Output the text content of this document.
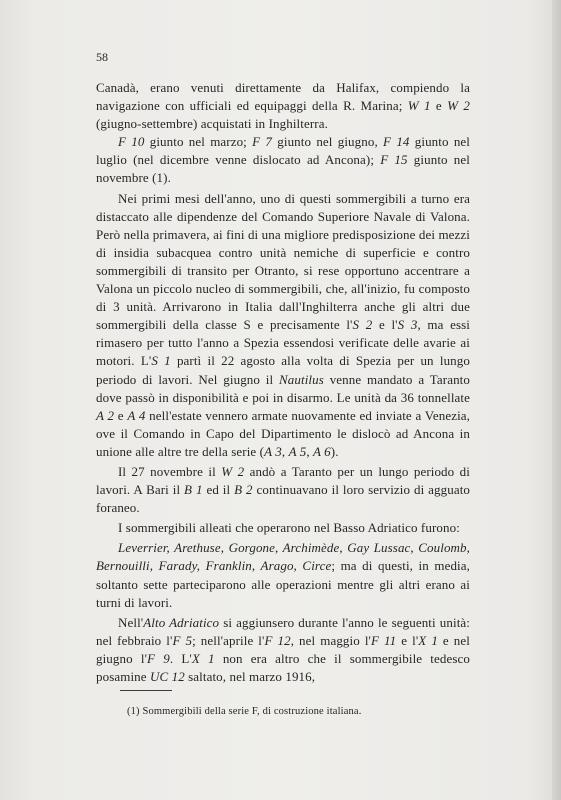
58

Canadà, erano venuti direttamente da Halifax, compiendo la navigazione con ufficiali ed equipaggi della R. Marina; W 1 e W 2 (giugno-settembre) acquistati in Inghilterra.

F 10 giunto nel marzo; F 7 giunto nel giugno, F 14 giunto nel luglio (nel dicembre venne dislocato ad Ancona); F 15 giunto nel novembre (1).

Nei primi mesi dell'anno, uno di questi sommergibili a turno era distaccato alle dipendenze del Comando Superiore Navale di Valona. Però nella primavera, ai fini di una migliore predisposizione dei mezzi di insidia subacquea contro unità nemiche di superficie e contro sommergibili di transito per Otranto, si rese opportuno accentrare a Valona un piccolo nucleo di sommergibili, che, all'inizio, fu composto di 3 unità. Arrivarono in Italia dall'Inghilterra anche gli altri due sommergibili della classe S e precisamente l'S 2 e l'S 3, ma essi rimasero per tutto l'anno a Spezia essendosi verificate delle avarie ai motori. L'S 1 partì il 22 agosto alla volta di Spezia per un lungo periodo di lavori. Nel giugno il Nautilus venne mandato a Taranto dove passò in disponibilità e poi in disarmo. Le unità da 36 tonnellate A 2 e A 4 nell'estate vennero armate nuovamente ed inviate a Venezia, ove il Comando in Capo del Dipartimento le dislocò ad Ancona in unione alle altre tre della serie (A 3, A 5, A 6).

Il 27 novembre il W 2 andò a Taranto per un lungo periodo di lavori. A Bari il B 1 ed il B 2 continuavano il loro servizio di agguato foraneo.

I sommergibili alleati che operarono nel Basso Adriatico furono:

Leverrier, Arethuse, Gorgone, Archimède, Gay Lussac, Coulomb, Bernouilli, Farady, Franklin, Arago, Circe; ma di questi, in media, soltanto sette parteciparono alle operazioni mentre gli altri erano ai turni di lavori.

Nell'Alto Adriatico si aggiunsero durante l'anno le seguenti unità: nel febbraio l'F 5; nell'aprile l'F 12, nel maggio l'F 11 e l'X 1 e nel giugno l'F 9. L'X 1 non era altro che il sommergibile tedesco posamine UC 12 saltato, nel marzo 1916,

(1) Sommergibili della serie F, di costruzione italiana.
